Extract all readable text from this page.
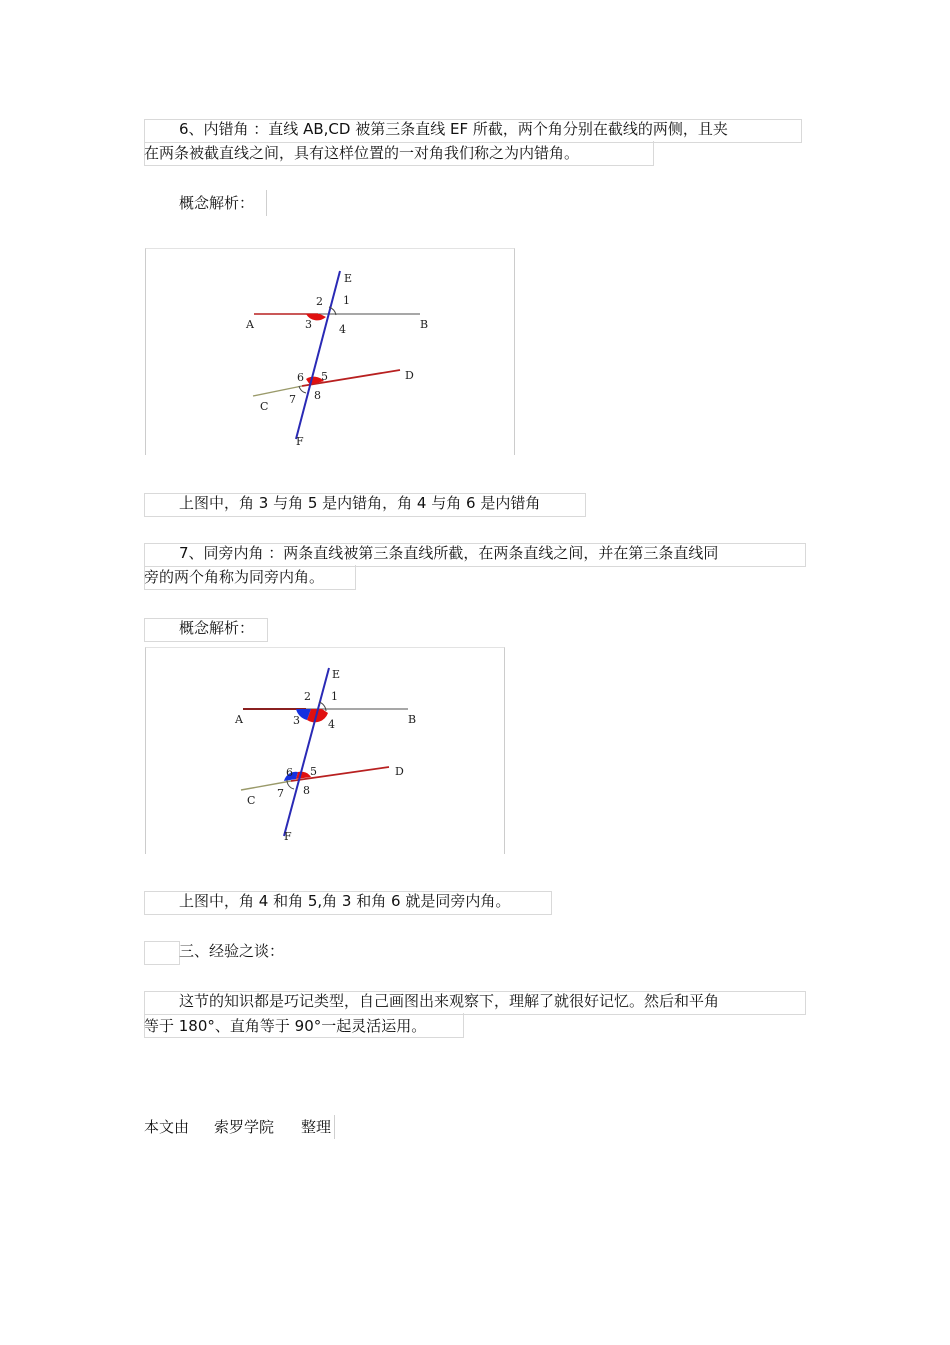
6、内错角 ：直线 AB,CD 被第三条直线 EF 所截，两个角分别在截线的两侧，且夹
在两条被截直线之间，具有这样位置的一对角我们称之为内错角。
概念解析：
E
2 1
A	3 4	B
6 5	D
7 8
C
F
上图中，角 3 与角 5 是内错角，角 4 与角 6 是内错角
7、同旁内角 ：两条直线被第三条直线所截，在两条直线之间，并在第三条直线同
旁的两个角称为同旁内角。
概念解析：
E
2 1
A	3	4	B
6 5	D
7 8
C
F
上图中，角 4 和角 5,角 3 和角 6 就是同旁内角。
三、经验之谈：
这节的知识都是巧记类型，自己画图出来观察下，理解了就很好记忆。然后和平角
等于 180°、直角等于 90°一起灵活运用。
本文由 索罗学院 整理
